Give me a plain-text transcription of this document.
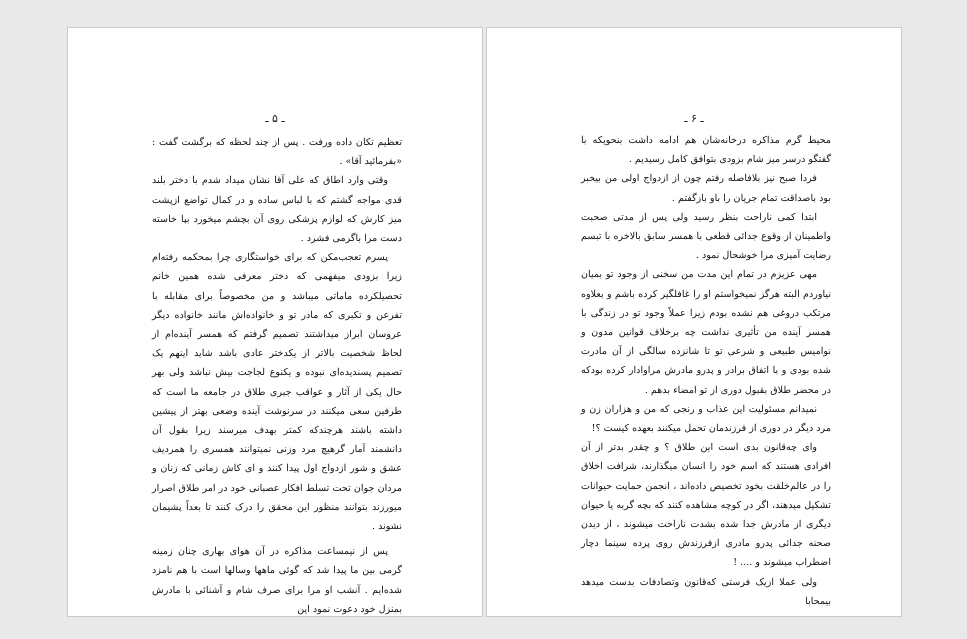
ـ ۵ ـ

تعظیم تکان داده ورفت . پس از چند لحظه که برگشت گفت : «بفرمائید آقا» .

وقتی وارد اطاق که علی آقا نشان میداد شدم با دختر بلند قدی مواجه گشتم که با لباس ساده و در کمال تواضع ازپشت میز کارش که لوازم پزشکی روی آن بچشم میخورد بپا خاسته دست مرا باگرمی فشرد .

پسرم تعجب‌مکن که برای خواستگاری چرا بمحکمه رفته‌ام زیرا بزودی میفهمی که دختر معرفی شده همین خانم تحصیلکرده ماماتی میباشد و من مخصوصاً برای مقابله با تفرعن و تکبری که مادر تو و خانواده‌اش مانند خانواده دیگر عروسان ابراز میداشتند تصمیم گرفتم که همسر آینده‌ام از لحاظ شخصیت بالاتر از یکدختر عادی باشد شاید اینهم یک تصمیم پسندیده‌ای نبوده و یکنوع لجاجت بیش نباشد ولی بهر حال یکی از آثار و عواقب جبری طلاق در جامعه ما است که طرفین سعی میکنند در سرنوشت آینده وضعی بهتر از پیشین داشته باشند هرچندکه کمتر بهدف میرسند زیرا بقول آن دانشمند آمار گرهیچ مرد وزنی نمیتوانند همسری را همردیف عشق و شور ازدواج اول پیدا کنند و ای کاش زمانی که زنان و مردان جوان تحت تسلط افکار عصبانی خود در امر طلاق اصرار میورزند بتوانند منظور این محقق را درک کنند تا بعداً پشیمان نشوند .

پس از نیمساعت مذاکره در آن هوای بهاری چنان زمینه گرمی بین ما پیدا شد که گوئی ماهها وسالها است با هم نامزد شده‌ایم . آنشب او مرا برای صرف شام و آشنائی با مادرش بمنزل خود دعوت نمود این

ـ ۶ ـ

محیط گرم مذاکره درخانه‌شان هم ادامه داشت بنحویکه با گفتگو درسر میز شام بزودی بتوافق کامل رسیدیم .

فردا صبح نیز بلافاصله رفتم چون از ازدواج اولی من بیخبر بود باصداقت تمام جریان را باو بازگفتم .

ابتدا کمی ناراحت بنظر رسید ولی پس از مدتی صحبت واطمینان از وقوع جدائی قطعی با همسر سابق بالاخره با تبسم رضایت آمیزی مرا خوشحال نمود .

مهی عزیزم در تمام این مدت من سخنی از وجود تو بمیان نیاوردم البته هرگز نمیخواستم او را غافلگیر کرده باشم و بعلاوه مرتکب دروغی هم نشده بودم زیرا عملاً وجود تو در زندگی با همسر آینده من تأثیری نداشت چه برخلاف قوانین مدون و نوامیس طبیعی و شرعی تو تا شانزده سالگی از آن مادرت شده بودی و با اتفاق برادر و پدرو مادرش مراوادار کرده بودکه در محضر طلاق بقبول دوری از تو امضاء بدهم .

نمیدانم مسئولیت این عذاب و رنجی که من و هزاران زن و مرد دیگر در دوری از فرزندمان تحمل میکنند بعهده کیست ؟!

وای چه‌قانون بدی است این طلاق ؟ و چقدر بدتر از آن افرادی هستند که اسم خود را انسان میگذارند، شرافت اخلاق را در عالم‌خلقت بخود تخصیص داده‌اند ، انجمن حمایت حیوانات تشکیل میدهند، اگر در کوچه مشاهده کنند که بچه گربه یا حیوان دیگری از مادرش جدا شده بشدت ناراحت میشوند ، از دیدن صحنه جدائی پدرو مادری ازفرزندش روی پرده سینما دچار اضطراب میشوند و .... !

ولی عملا ازیک فرستی که‌قانون وتصادفات بدست میدهد بیمحابا
